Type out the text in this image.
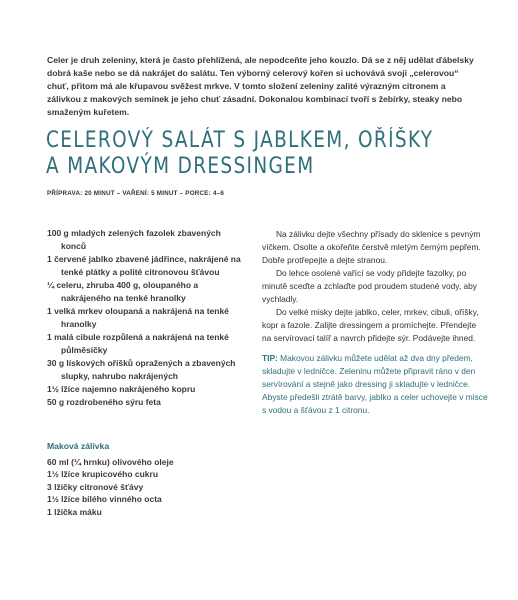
Celer je druh zeleniny, která je často přehlížená, ale nepodceňte jeho kouzlo. Dá se z něj udělat ďábelsky dobrá kaše nebo se dá nakrájet do salátu. Ten výborný celerový kořen si uchovává svoji „celerovou“ chuť, přitom má ale křupavou svěžest mrkve. V tomto složení zeleniny zalité výrazným citronem a zálivkou z makových semínek je jeho chuť zásadní. Dokonalou kombinací tvoří s žebírky, steaky nebo smaženým kuřetem.

CELEROVÝ SALÁT S JABLKEM, OŘÍŠKY
A MAKOVÝM DRESSINGEM
PŘÍPRAVA: 20 MINUT – VAŘENÍ: 5 MINUT – PORCE: 4–6
100 g mladých zelených fazolek zbavených konců
1 červené jablko zbavené jádřince, nakrájené na tenké plátky a polité citronovou šťávou
¼ celeru, zhruba 400 g, oloupaného a nakrájeného na tenké hranolky
1 velká mrkev oloupaná a nakrájená na tenké hranolky
1 malá cibule rozpůlená a nakrájená na tenké půlměsíčky
30 g lískových oříšků opražených a zbavených slupky, nahrubo nakrájených
1½ lžíce najemno nakrájeného kopru
50 g rozdrobeného sýru feta
Maková zálivka
60 ml (¼ hrnku) olivového oleje
1½ lžíce krupicového cukru
3 lžičky citronové šťávy
1½ lžíce bílého vinného octa
1 lžička máku

Na zálivku dejte všechny přísady do sklenice s pevným víčkem. Osolte a okořeňte čerstvě mletým černým pepřem. Dobře protřepejte a dejte stranou.

Do lehce osolené vařící se vody přidejte fazolky, po minutě sceďte a zchlaďte pod proudem studené vody, aby vychladly.

Do velké misky dejte jablko, celer, mrkev, cibuli, oříšky, kopr a fazole. Zalijte dressingem a promíchejte. Přendejte na servírovací talíř a navrch přidejte sýr. Podávejte ihned.

TIP: Makovou zálivku můžete udělat až dva dny předem, skladujte v ledničce. Zeleninu můžete připravit ráno v den servírování a stejně jako dressing ji skladujte v ledničce. Abyste předešli ztrátě barvy, jablko a celer uchovejte v misce s vodou a šťávou z 1 citronu.
